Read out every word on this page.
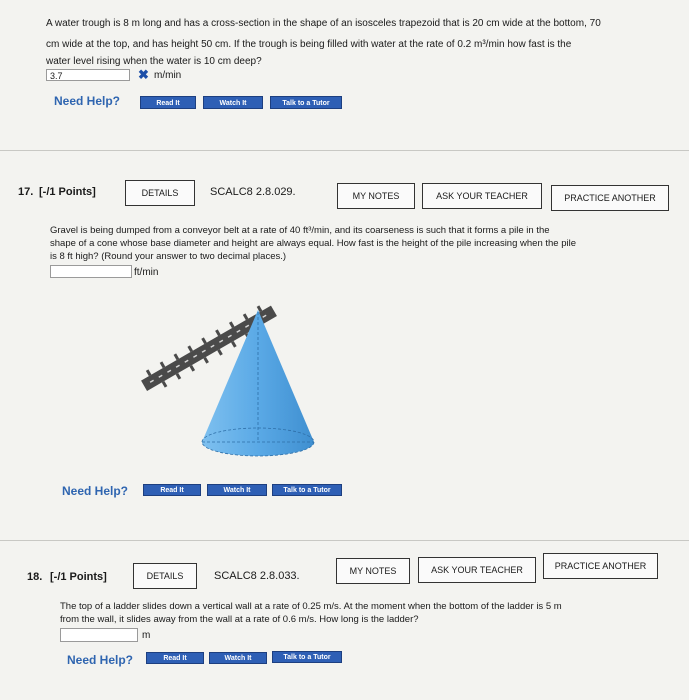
A water trough is 8 m long and has a cross-section in the shape of an isosceles trapezoid that is 20 cm wide at the bottom, 70
cm wide at the top, and has height 50 cm. If the trough is being filled with water at the rate of 0.2 m³/min how fast is the
water level rising when the water is 10 cm deep?
3.7	✖ m/min
Need Help?	Read It	Watch It	Talk to a Tutor
17. [-/1 Points]	DETAILS	SCALC8 2.8.029.	MY NOTES	ASK YOUR TEACHER	PRACTICE ANOTHER
Gravel is being dumped from a conveyor belt at a rate of 40 ft³/min, and its coarseness is such that it forms a pile in the
shape of a cone whose base diameter and height are always equal. How fast is the height of the pile increasing when the pile
is 8 ft high? (Round your answer to two decimal places.)
ft/min
Need Help?	Read It	Watch It	Talk to a Tutor
18. [-/1 Points]	DETAILS	SCALC8 2.8.033.	MY NOTES	ASK YOUR TEACHER	PRACTICE ANOTHER
The top of a ladder slides down a vertical wall at a rate of 0.25 m/s. At the moment when the bottom of the ladder is 5 m
from the wall, it slides away from the wall at a rate of 0.6 m/s. How long is the ladder?
m
Need Help?	Read It	Watch It	Talk to a Tutor
